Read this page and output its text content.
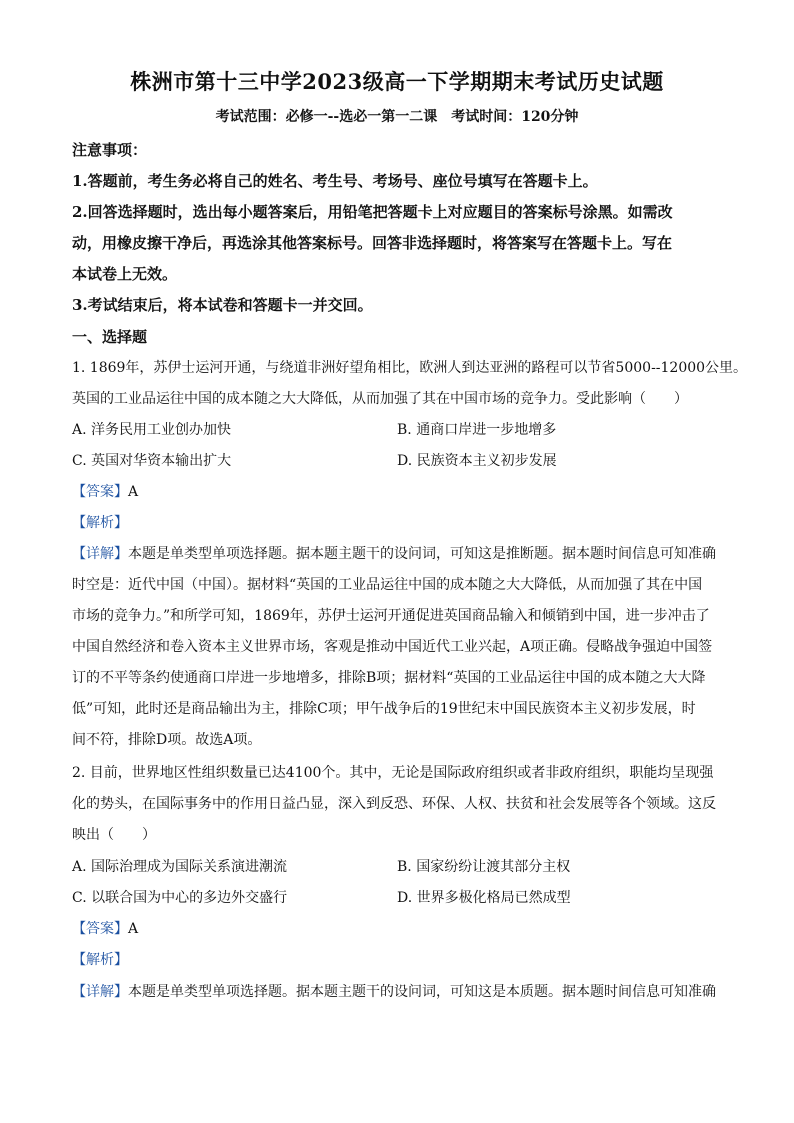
株洲市第十三中学2023级高一下学期期末考试历史试题
考试范围：必修一--选必一第一二课　考试时间：120分钟
注意事项：
1.答题前，考生务必将自己的姓名、考生号、考场号、座位号填写在答题卡上。
2.回答选择题时，选出每小题答案后，用铅笔把答题卡上对应题目的答案标号涂黑。如需改
动，用橡皮擦干净后，再选涂其他答案标号。回答非选择题时，将答案写在答题卡上。写在
本试卷上无效。
3.考试结束后，将本试卷和答题卡一并交回。
一、选择题
1. 1869年，苏伊士运河开通，与绕道非洲好望角相比，欧洲人到达亚洲的路程可以节省5000--12000公里。
英国的工业品运往中国的成本随之大大降低，从而加强了其在中国市场的竞争力。受此影响（　　）
A. 洋务民用工业创办加快	B. 通商口岸进一步地增多
C. 英国对华资本输出扩大	D. 民族资本主义初步发展
【答案】A
【解析】
【详解】本题是单类型单项选择题。据本题主题干的设问词，可知这是推断题。据本题时间信息可知准确
时空是：近代中国（中国）。据材料“英国的工业品运往中国的成本随之大大降低，从而加强了其在中国
市场的竞争力。”和所学可知，1869年，苏伊士运河开通促进英国商品输入和倾销到中国，进一步冲击了
中国自然经济和卷入资本主义世界市场，客观是推动中国近代工业兴起，A项正确。侵略战争强迫中国签
订的不平等条约使通商口岸进一步地增多，排除B项；据材料“英国的工业品运往中国的成本随之大大降
低”可知，此时还是商品输出为主，排除C项；甲午战争后的19世纪末中国民族资本主义初步发展，时
间不符，排除D项。故选A项。
2. 目前，世界地区性组织数量已达4100个。其中，无论是国际政府组织或者非政府组织，职能均呈现强
化的势头，在国际事务中的作用日益凸显，深入到反恐、环保、人权、扶贫和社会发展等各个领域。这反
映出（　　）
A. 国际治理成为国际关系演进潮流	B. 国家纷纷让渡其部分主权
C. 以联合国为中心的多边外交盛行	D. 世界多极化格局已然成型
【答案】A
【解析】
【详解】本题是单类型单项选择题。据本题主题干的设问词，可知这是本质题。据本题时间信息可知准确
